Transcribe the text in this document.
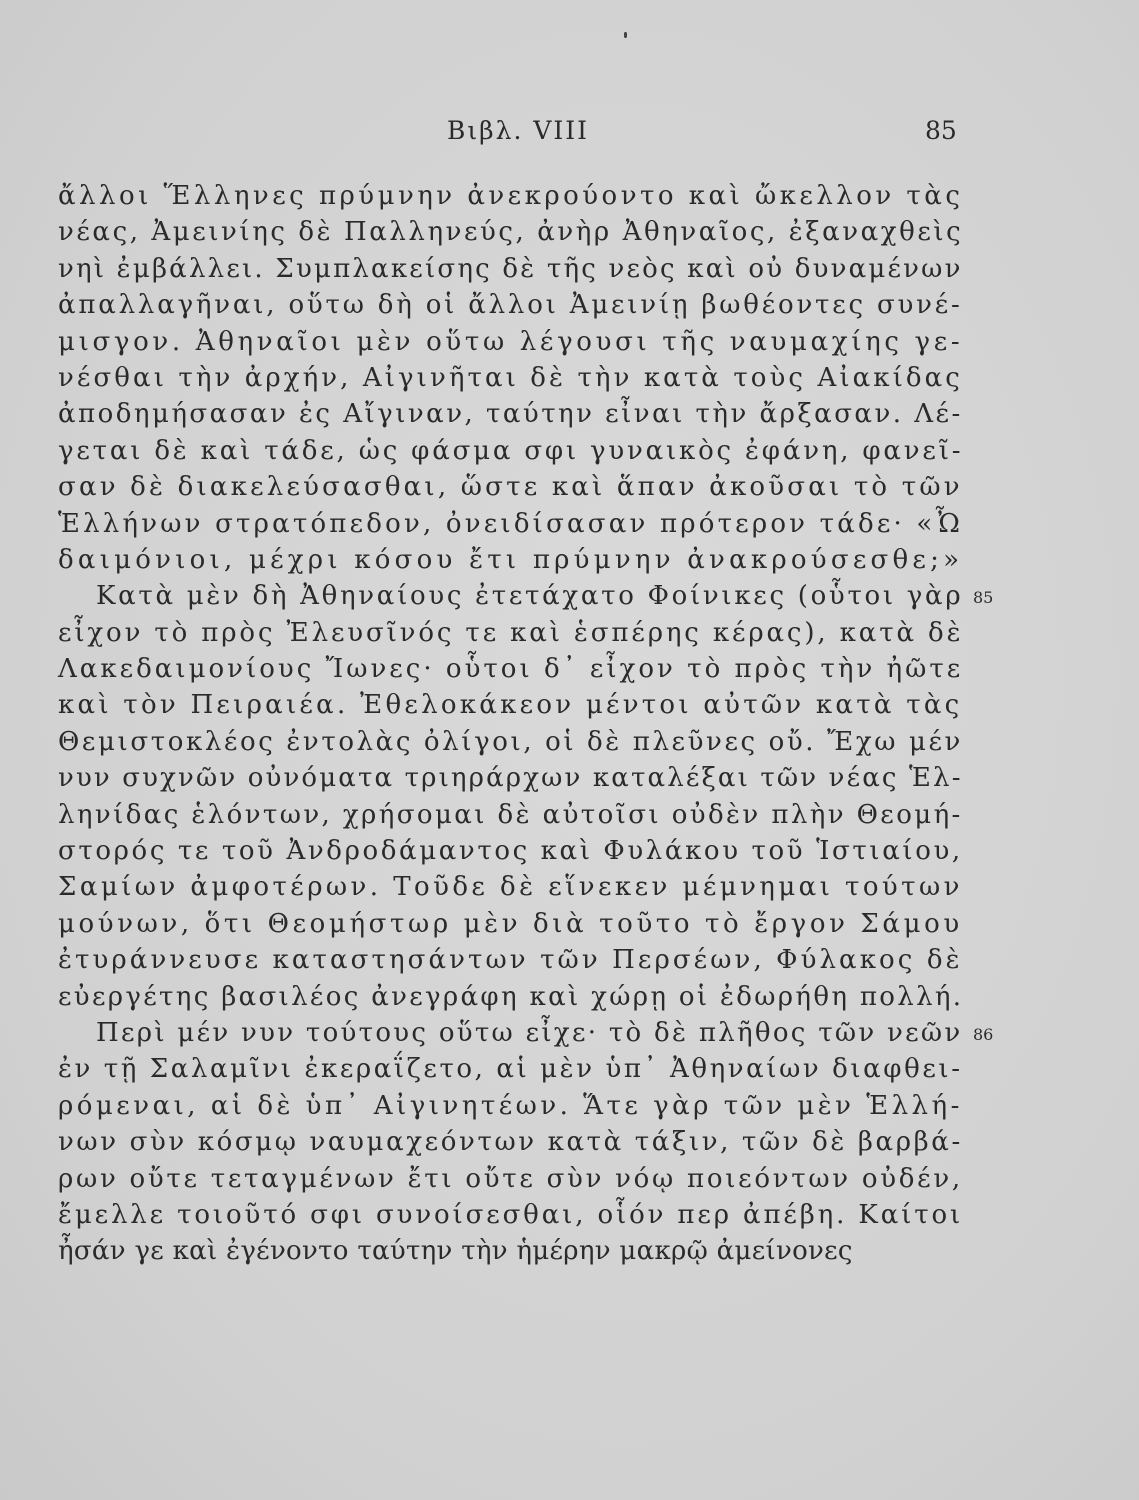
Βιβλ. VIII	85
ἄλλοι Ἕλληνες πρύμνην ἀνεκρούοντο καὶ ὤκελλον τὰς
νέας, Ἀμεινίης δὲ Παλληνεύς, ἀνὴρ Ἀθηναῖος, ἐξαναχθεὶς
νηὶ ἐμβάλλει. Συμπλακείσης δὲ τῆς νεὸς καὶ οὐ δυναμένων
ἀπαλλαγῆναι, οὕτω δὴ οἱ ἄλλοι Ἀμεινίῃ βωθέοντες συνέ-
μισγον. Ἀθηναῖοι μὲν οὕτω λέγουσι τῆς ναυμαχίης γε-
νέσθαι τὴν ἀρχήν, Αἰγινῆται δὲ τὴν κατὰ τοὺς Αἰακίδας
ἀποδημήσασαν ἐς Αἴγιναν, ταύτην εἶναι τὴν ἄρξασαν. Λέ-
γεται δὲ καὶ τάδε, ὡς φάσμα σφι γυναικὸς ἐφάνη, φανεῖ-
σαν δὲ διακελεύσασθαι, ὥστε καὶ ἅπαν ἀκοῦσαι τὸ τῶν
Ἑλλήνων στρατόπεδον, ὀνειδίσασαν πρότερον τάδε· «Ὦ
δαιμόνιοι, μέχρι κόσου ἔτι πρύμνην ἀνακρούσεσθε;»
Κατὰ μὲν δὴ Ἀθηναίους ἐτετάχατο Φοίνικες (οὗτοι γὰρ
εἶχον τὸ πρὸς Ἐλευσῖνός τε καὶ ἑσπέρης κέρας), κατὰ δὲ
Λακεδαιμονίους Ἴωνες· οὗτοι δ᾽ εἶχον τὸ πρὸς τὴν ἠῶτε
καὶ τὸν Πειραιέα. Ἐθελοκάκεον μέντοι αὐτῶν κατὰ τὰς
Θεμιστοκλέος ἐντολὰς ὀλίγοι, οἱ δὲ πλεῦνες οὔ. Ἔχω μέν
νυν συχνῶν οὐνόματα τριηράρχων καταλέξαι τῶν νέας Ἑλ-
ληνίδας ἑλόντων, χρήσομαι δὲ αὐτοῖσι οὐδὲν πλὴν Θεομή-
στορός τε τοῦ Ἀνδροδάμαντος καὶ Φυλάκου τοῦ Ἱστιαίου,
Σαμίων ἀμφοτέρων. Τοῦδε δὲ εἵνεκεν μέμνημαι τούτων
μούνων, ὅτι Θεομήστωρ μὲν διὰ τοῦτο τὸ ἔργον Σάμου
ἐτυράννευσε καταστησάντων τῶν Περσέων, Φύλακος δὲ
εὐεργέτης βασιλέος ἀνεγράφη καὶ χώρῃ οἱ ἐδωρήθη πολλή.
Περὶ μέν νυν τούτους οὕτω εἶχε· τὸ δὲ πλῆθος τῶν νεῶν
ἐν τῇ Σαλαμῖνι ἐκεραΐζετο, αἱ μὲν ὑπ᾽ Ἀθηναίων διαφθει-
ρόμεναι, αἱ δὲ ὑπ᾽ Αἰγινητέων. Ἅτε γὰρ τῶν μὲν Ἑλλή-
νων σὺν κόσμῳ ναυμαχεόντων κατὰ τάξιν, τῶν δὲ βαρβά-
ρων οὔτε τεταγμένων ἔτι οὔτε σὺν νόῳ ποιεόντων οὐδέν,
ἔμελλε τοιοῦτό σφι συνοίσεσθαι, οἷόν περ ἀπέβη. Καίτοι
ἦσάν γε καὶ ἐγένοντο ταύτην τὴν ἡμέρην μακρῷ ἀμείνονες
85
86
